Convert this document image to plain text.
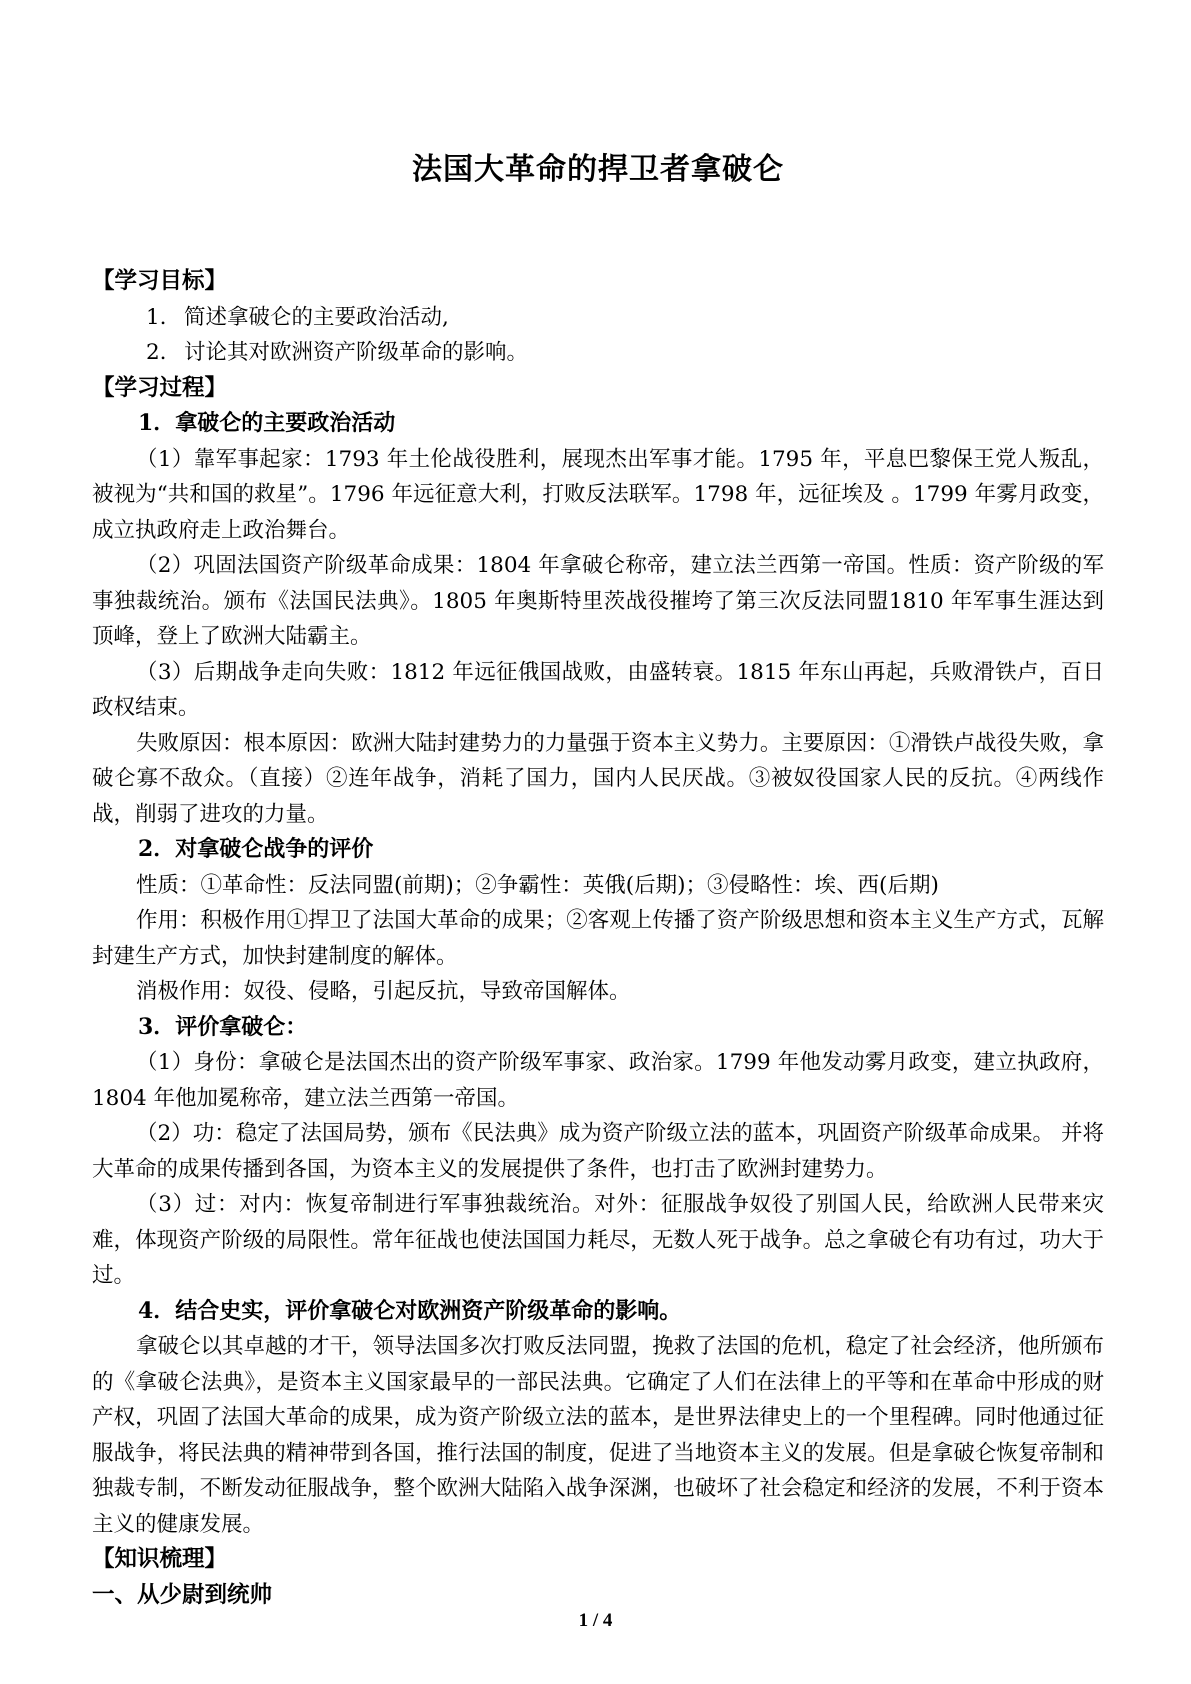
法国大革命的捍卫者拿破仑
【学习目标】
1. 简述拿破仑的主要政治活动,
2. 讨论其对欧洲资产阶级革命的影响。
【学习过程】
1．拿破仑的主要政治活动

（1）靠军事起家：1793 年土伦战役胜利，展现杰出军事才能。1795 年，平息巴黎保王党人叛乱，被视为“共和国的救星”。1796 年远征意大利，打败反法联军。1798 年，远征埃及 。1799 年雾月政变，成立执政府走上政治舞台。

（2）巩固法国资产阶级革命成果：1804 年拿破仑称帝，建立法兰西第一帝国。性质：资产阶级的军事独裁统治。颁布《法国民法典》。1805 年奥斯特里茨战役摧垮了第三次反法同盟1810 年军事生涯达到顶峰，登上了欧洲大陆霸主。

（3）后期战争走向失败：1812 年远征俄国战败，由盛转衰。1815 年东山再起，兵败滑铁卢，百日政权结束。

失败原因：根本原因：欧洲大陆封建势力的力量强于资本主义势力。主要原因：①滑铁卢战役失败，拿破仑寡不敌众。（直接）②连年战争，消耗了国力，国内人民厌战。③被奴役国家人民的反抗。④两线作战，削弱了进攻的力量。

2．对拿破仑战争的评价

性质：①革命性：反法同盟(前期)；②争霸性：英俄(后期)；③侵略性：埃、西(后期)

作用：积极作用①捍卫了法国大革命的成果；②客观上传播了资产阶级思想和资本主义生产方式，瓦解封建生产方式，加快封建制度的解体。

消极作用：奴役、侵略，引起反抗，导致帝国解体。

3．评价拿破仑：

（1）身份：拿破仑是法国杰出的资产阶级军事家、政治家。1799 年他发动雾月政变，建立执政府，1804 年他加冕称帝，建立法兰西第一帝国。

（2）功：稳定了法国局势，颁布《民法典》成为资产阶级立法的蓝本，巩固资产阶级革命成果。 并将大革命的成果传播到各国，为资本主义的发展提供了条件，也打击了欧洲封建势力。

（3）过：对内：恢复帝制进行军事独裁统治。对外：征服战争奴役了别国人民，给欧洲人民带来灾难，体现资产阶级的局限性。常年征战也使法国国力耗尽，无数人死于战争。总之拿破仑有功有过，功大于过。

4．结合史实，评价拿破仑对欧洲资产阶级革命的影响。

拿破仑以其卓越的才干，领导法国多次打败反法同盟，挽救了法国的危机，稳定了社会经济，他所颁布的《拿破仑法典》，是资本主义国家最早的一部民法典。它确定了人们在法律上的平等和在革命中形成的财产权，巩固了法国大革命的成果，成为资产阶级立法的蓝本，是世界法律史上的一个里程碑。同时他通过征服战争，将民法典的精神带到各国，推行法国的制度，促进了当地资本主义的发展。但是拿破仑恢复帝制和独裁专制，不断发动征服战争，整个欧洲大陆陷入战争深渊，也破坏了社会稳定和经济的发展，不利于资本主义的健康发展。

【知识梳理】
一、从少尉到统帅
1 / 4
